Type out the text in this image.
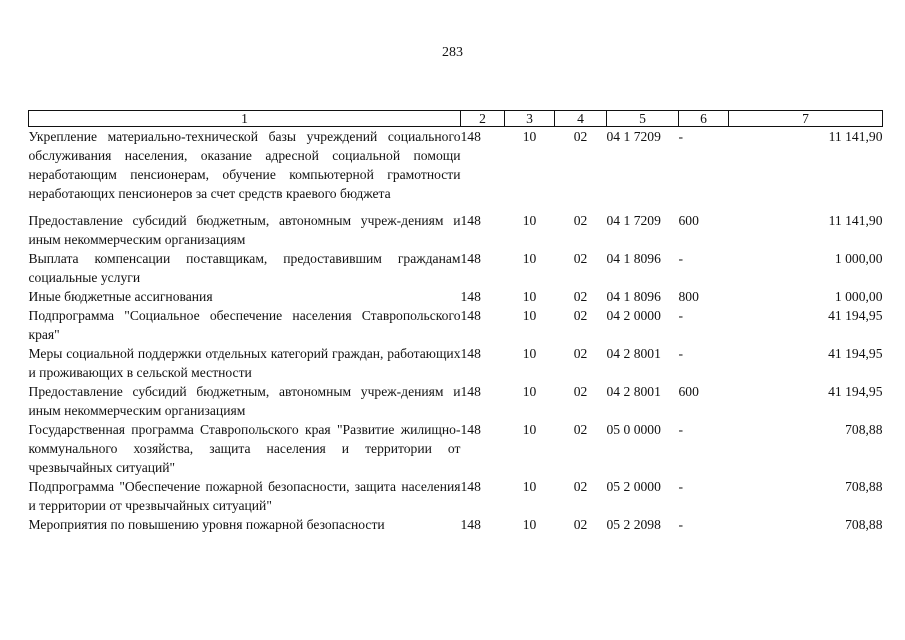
283
1	2	3	4	5	6	7
Укрепление материально-технической базы учреждений социального обслуживания населения, оказание адресной социальной помощи неработающим пенсионерам, обучение компьютерной грамотности неработающих пенсионеров за счет средств краевого бюджета	148	10	02	04 1 7209	-	11 141,90
Предоставление субсидий бюджетным, автономным учреж-дениям и иным некоммерческим организациям	148	10	02	04 1 7209	600	11 141,90
Выплата компенсации поставщикам, предоставившим гражданам социальные услуги	148	10	02	04 1 8096	-	1 000,00
Иные бюджетные ассигнования	148	10	02	04 1 8096	800	1 000,00
Подпрограмма "Социальное обеспечение населения Ставропольского края"	148	10	02	04 2 0000	-	41 194,95
Меры социальной поддержки отдельных категорий граждан, работающих и проживающих в сельской местности	148	10	02	04 2 8001	-	41 194,95
Предоставление субсидий бюджетным, автономным учреж-дениям и иным некоммерческим организациям	148	10	02	04 2 8001	600	41 194,95
Государственная программа Ставропольского края "Развитие жилищно-коммунального хозяйства, защита населения и территории от чрезвычайных ситуаций"	148	10	02	05 0 0000	-	708,88
Подпрограмма "Обеспечение пожарной безопасности, защита населения и территории от чрезвычайных ситуаций"	148	10	02	05 2 0000	-	708,88
Мероприятия по повышению уровня пожарной безопасности	148	10	02	05 2 2098	-	708,88
